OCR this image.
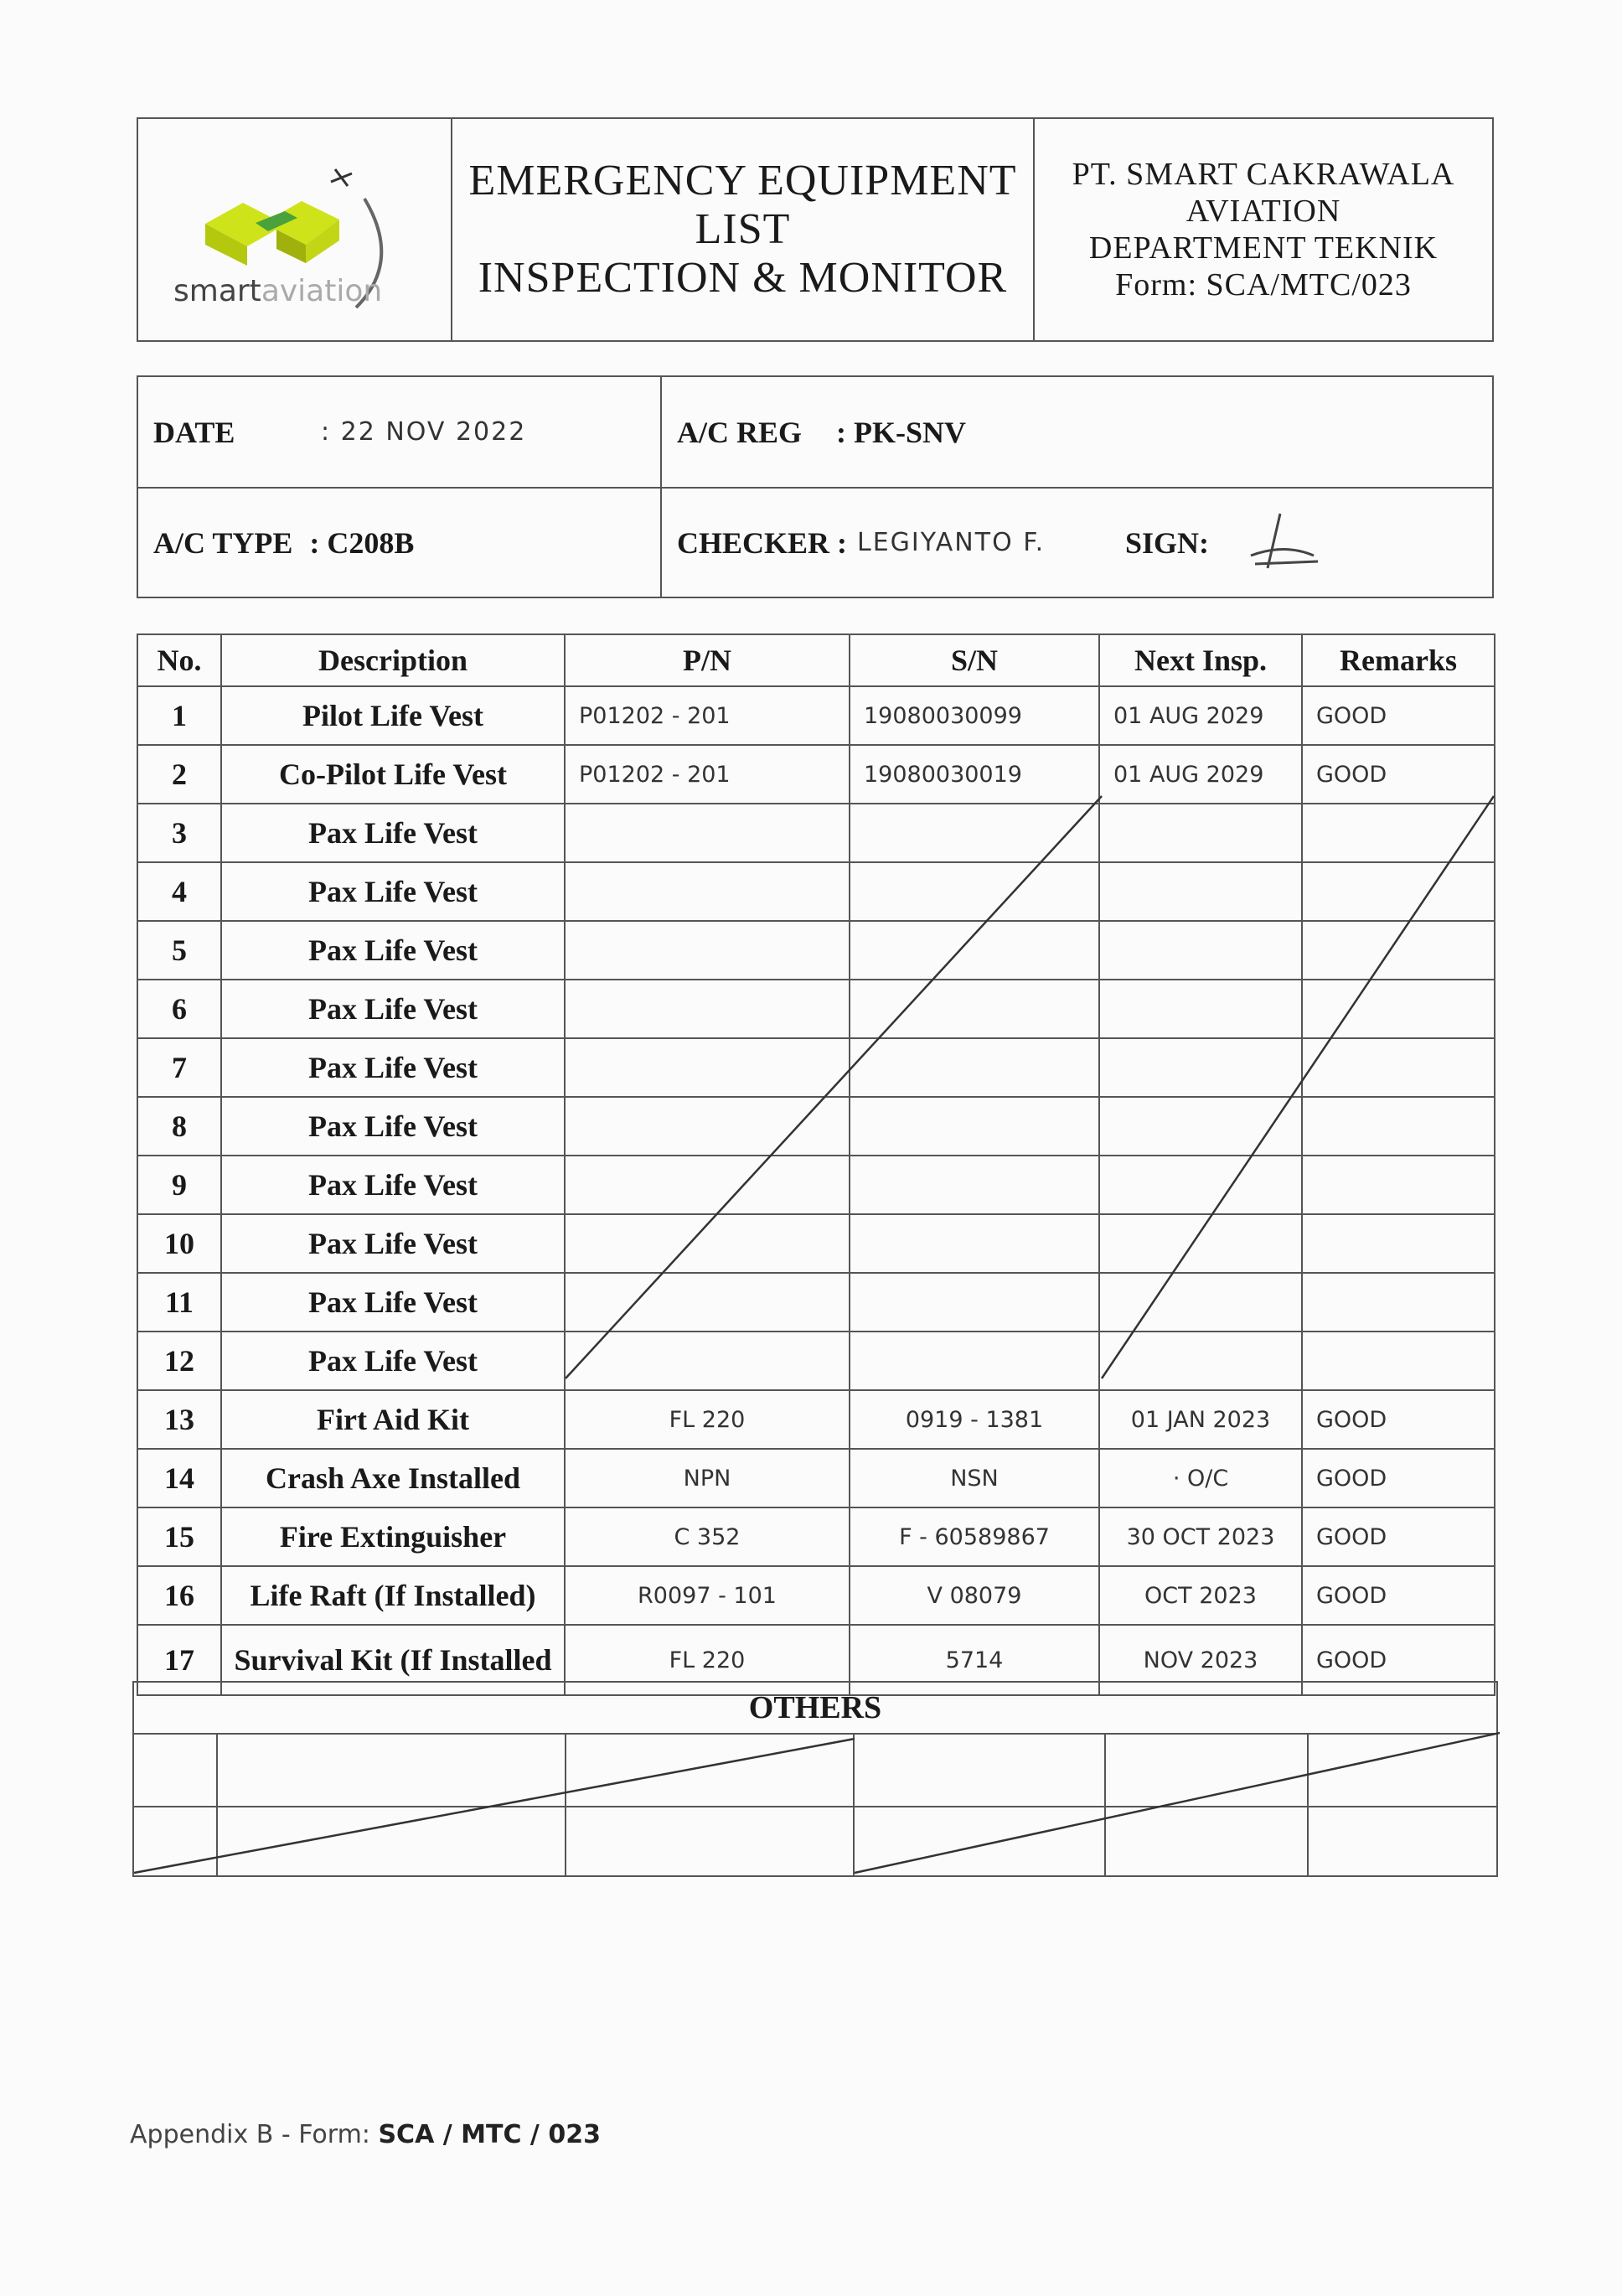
smartaviation
EMERGENCY EQUIPMENT
LIST
INSPECTION & MONITOR
PT. SMART CAKRAWALA
AVIATION
DEPARTMENT TEKNIK
Form: SCA/MTC/023
DATE	: 22 NOV 2022	A/C REG	: PK-SNV
A/C TYPE : C208B	CHECKER : LEGIYANTO F.	SIGN:
No.	Description	P/N	S/N	Next Insp.	Remarks
1	Pilot Life Vest	P01202 - 201	19080030099	01 AUG 2029	GOOD
2	Co-Pilot Life Vest	P01202 - 201	19080030019	01 AUG 2029	GOOD
3	Pax Life Vest				
4	Pax Life Vest				
5	Pax Life Vest				
6	Pax Life Vest				
7	Pax Life Vest				
8	Pax Life Vest				
9	Pax Life Vest				
10	Pax Life Vest				
11	Pax Life Vest				
12	Pax Life Vest				
13	Firt Aid Kit	FL 220	0919 - 1381	01 JAN 2023	GOOD
14	Crash Axe Installed	NPN	NSN	· O/C	GOOD
15	Fire Extinguisher	C 352	F - 60589867	30 OCT 2023	GOOD
16	Life Raft (If Installed)	R0097 - 101	V 08079	OCT 2023	GOOD
17	Survival Kit (If Installed	FL 220	5714	NOV 2023	GOOD
OTHERS
Appendix B - Form: SCA / MTC / 023
